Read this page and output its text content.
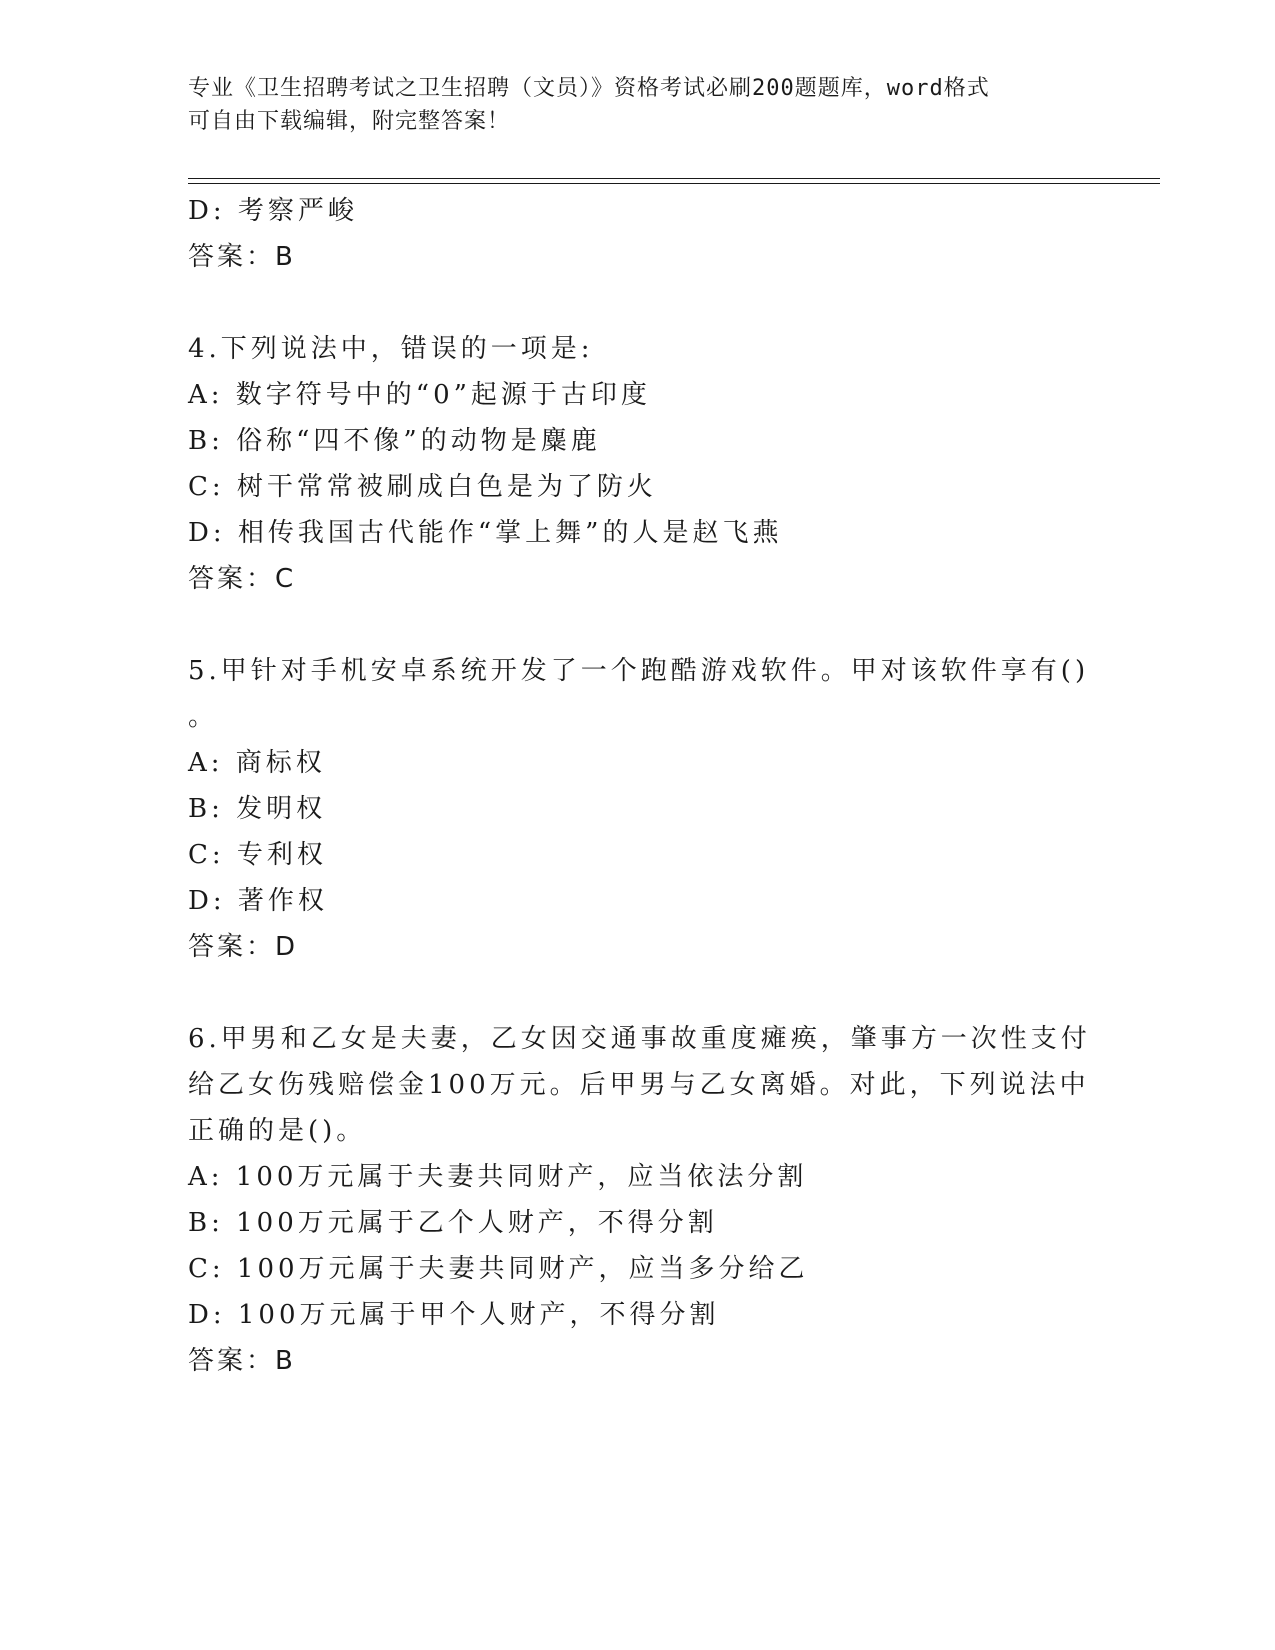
专业《卫生招聘考试之卫生招聘（文员）》资格考试必刷200题题库，word格式
可自由下载编辑，附完整答案！
D: 考察严峻
答案：B
4.下列说法中，错误的一项是:
A: 数字符号中的“0”起源于古印度
B: 俗称“四不像”的动物是麋鹿
C: 树干常常被刷成白色是为了防火
D: 相传我国古代能作“掌上舞”的人是赵飞燕
答案：C
5.甲针对手机安卓系统开发了一个跑酷游戏软件。甲对该软件享有()
。
A: 商标权
B: 发明权
C: 专利权
D: 著作权
答案：D
6.甲男和乙女是夫妻，乙女因交通事故重度瘫痪，肇事方一次性支付
给乙女伤残赔偿金100万元。后甲男与乙女离婚。对此，下列说法中
正确的是()。
A: 100万元属于夫妻共同财产，应当依法分割
B: 100万元属于乙个人财产，不得分割
C: 100万元属于夫妻共同财产，应当多分给乙
D: 100万元属于甲个人财产，不得分割
答案：B
